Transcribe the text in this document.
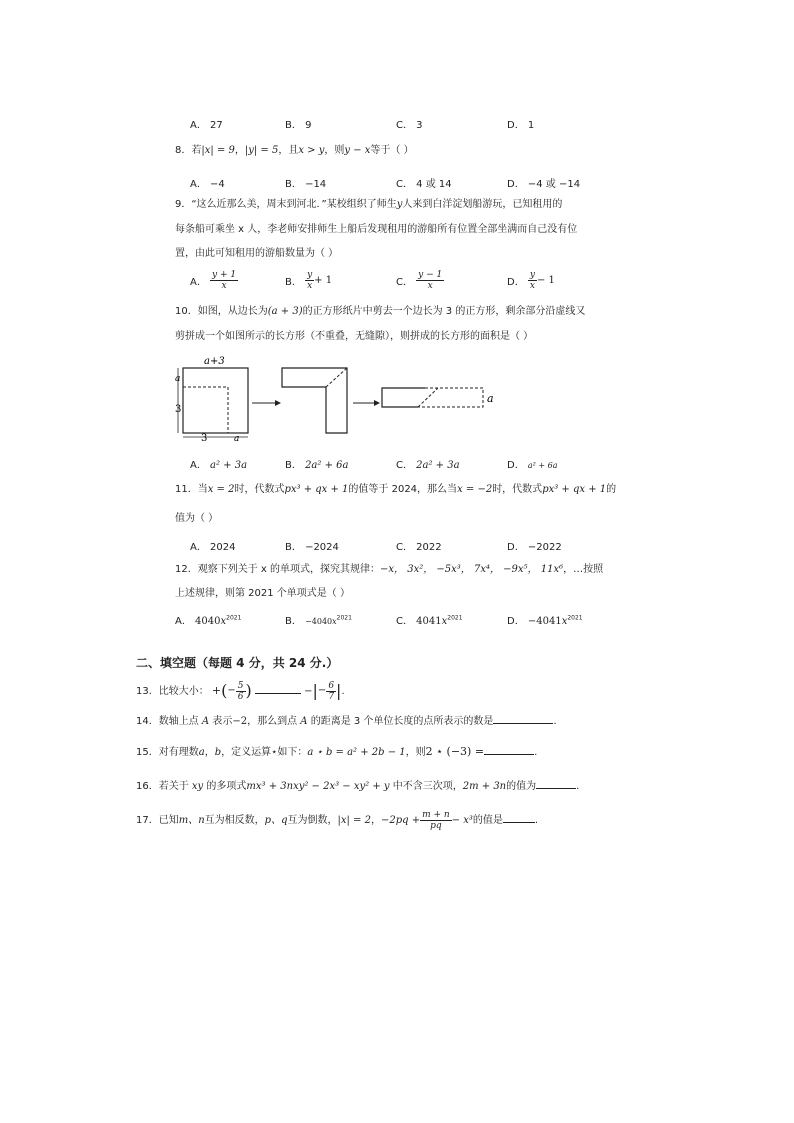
A． 27	B． 9	C． 3	D． 1
8．若|x| = 9，|y| = 5，且x > y，则y − x等于（ ）
A． −4	B． −14	C． 4 或 14	D． −4 或 −14
9．“这么近那么美，周末到河北．”某校组织了师生y人来到白洋淀划船游玩，已知租用的
每条船可乘坐 x 人，李老师安排师生上船后发现租用的游船所有位置全部坐满而自己没有位
置，由此可知租用的游船数量为（ ）
A． $\frac{y + 1}{x}$	B． $\frac{y}{x} + 1$	C． $\frac{y - 1}{x}$	D． $\frac{y}{x} - 1$
10．如图，从边长为(a + 3)的正方形纸片中剪去一个边长为 3 的正方形，剩余部分沿虚线又
剪拼成一个如图所示的长方形（不重叠，无缝隙），则拼成的长方形的面积是（ ）
a+3
a
3
3	a
a
A． a² + 3a	B． 2a² + 6a	C． 2a² + 3a	D． a² + 6a
11．当x = 2时，代数式px³ + qx + 1的值等于 2024，那么当x = −2时，代数式px³ + qx + 1的
值为（ ）
A． 2024	B． −2024	C． 2022	D． −2022
12．观察下列关于 x 的单项式，探究其规律：−x， 3x²， −5x³， 7x⁴， −9x⁵， 11x⁶，…按照
上述规律，则第 2021 个单项式是（ ）
A． $4040x^{2021}$	B． $-4040x^{2021}$	C． $4041x^{2021}$	D． $-4041x^{2021}$
二、填空题（每题 4 分，共 24 分.）
13．比较大小： +(− $\frac{5}{6}$ )	−|− $\frac{6}{7}$ |.
14．数轴上点 A 表示−2，那么到点 A 的距离是 3 个单位长度的点所表示的数是	.
15．对有理数a，b，定义运算⋆如下：a ⋆ b = a² + 2b − 1，则2 ⋆ (−3) =	.
16．若关于 xy 的多项式mx³ + 3nxy² − 2x³ − xy² + y 中不含三次项，2m + 3n的值为	.
17．已知m、n互为相反数，p、q互为倒数，|x| = 2，$-2pq + \frac{m + n}{pq} - x^3$的值是	.
